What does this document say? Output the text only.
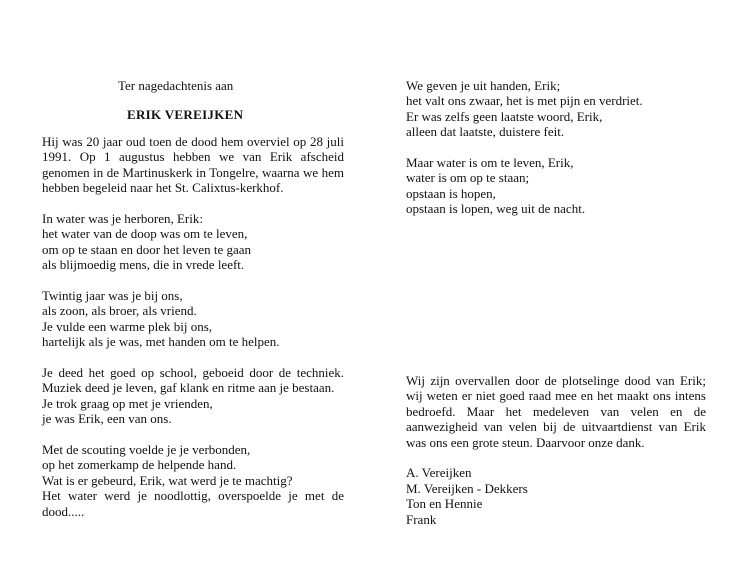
Ter nagedachtenis aan
ERIK VEREIJKEN

Hij was 20 jaar oud toen de dood hem overviel op 28 juli 1991. Op 1 augustus hebben we van Erik afscheid genomen in de Martinuskerk in Tongelre, waarna we hem hebben begeleid naar het St. Calixtus-kerkhof.

In water was je herboren, Erik:
het water van de doop was om te leven,
om op te staan en door het leven te gaan
als blijmoedig mens, die in vrede leeft.
Twintig jaar was je bij ons,
als zoon, als broer, als vriend.
Je vulde een warme plek bij ons,
hartelijk als je was, met handen om te helpen.

Je deed het goed op school, geboeid door de techniek. Muziek deed je leven, gaf klank en ritme aan je bestaan.

Je trok graag op met je vrienden,
je was Erik, een van ons.
Met de scouting voelde je je verbonden,
op het zomerkamp de helpende hand.
Wat is er gebeurd, Erik, wat werd je te machtig?

Het water werd je noodlottig, overspoelde je met de dood.....

We geven je uit handen, Erik;
het valt ons zwaar, het is met pijn en verdriet.
Er was zelfs geen laatste woord, Erik,
alleen dat laatste, duistere feit.
Maar water is om te leven, Erik,
water is om op te staan;
opstaan is hopen,
opstaan is lopen, weg uit de nacht.

Wij zijn overvallen door de plotselinge dood van Erik; wij weten er niet goed raad mee en het maakt ons intens bedroefd. Maar het medeleven van velen en de aanwezigheid van velen bij de uitvaartdienst van Erik was ons een grote steun. Daarvoor onze dank.

A. Vereijken
M. Vereijken - Dekkers
Ton en Hennie
Frank
